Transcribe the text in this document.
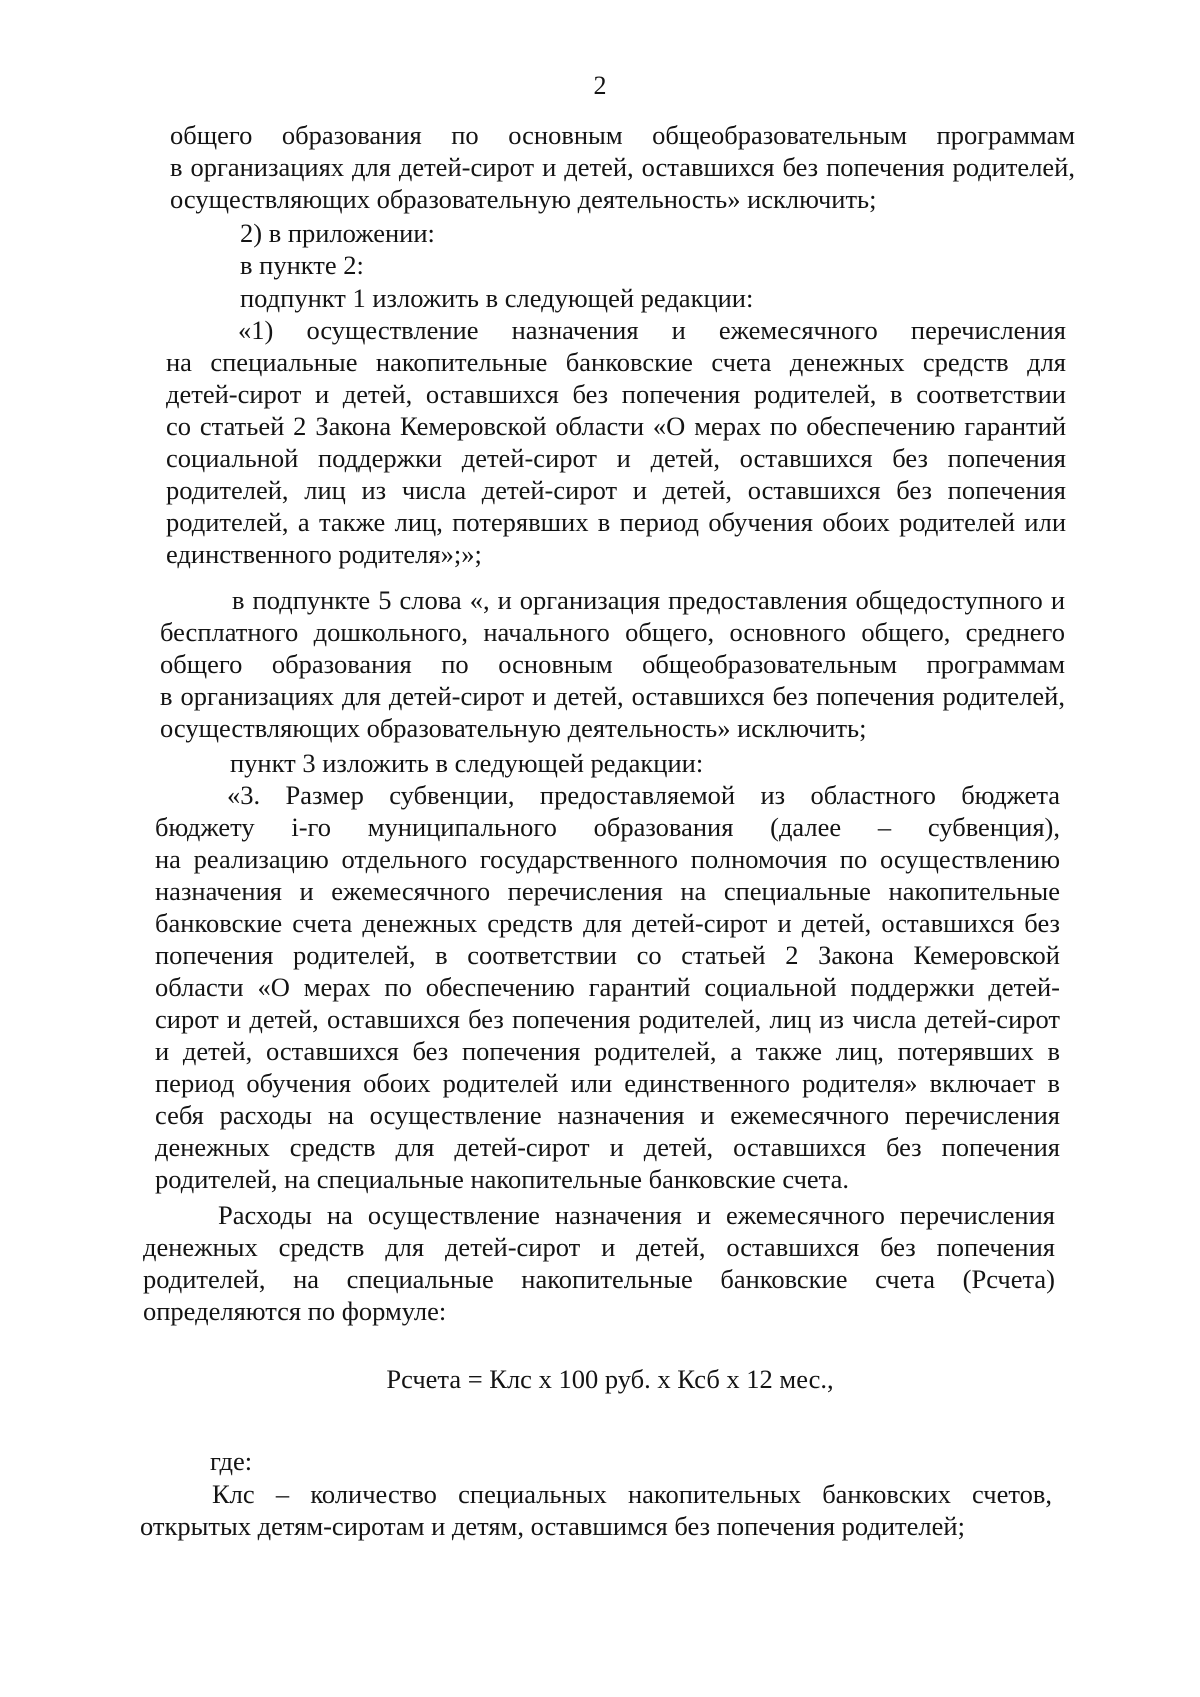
2
общего образования по основным общеобразовательным программам
в организациях для детей-сирот и детей, оставшихся без попечения родителей,
осуществляющих образовательную деятельность» исключить;
2) в приложении:
в пункте 2:
подпункт 1 изложить в следующей редакции:
«1) осуществление назначения и ежемесячного перечисления
на специальные накопительные банковские счета денежных средств для
детей-сирот и детей, оставшихся без попечения родителей, в соответствии
со статьей 2 Закона Кемеровской области «О мерах по обеспечению гарантий
социальной поддержки детей-сирот и детей, оставшихся без попечения
родителей, лиц из числа детей-сирот и детей, оставшихся без попечения
родителей, а также лиц, потерявших в период обучения обоих родителей или
единственного родителя»;»;
в подпункте 5 слова «, и организация предоставления общедоступного и
бесплатного дошкольного, начального общего, основного общего, среднего
общего образования по основным общеобразовательным программам
в организациях для детей-сирот и детей, оставшихся без попечения родителей,
осуществляющих образовательную деятельность» исключить;
пункт 3 изложить в следующей редакции:
«3. Размер субвенции, предоставляемой из областного бюджета
бюджету i-го муниципального образования (далее – субвенция),
на реализацию отдельного государственного полномочия по осуществлению
назначения и ежемесячного перечисления на специальные накопительные
банковские счета денежных средств для детей-сирот и детей, оставшихся без
попечения родителей, в соответствии со статьей 2 Закона Кемеровской
области «О мерах по обеспечению гарантий социальной поддержки детей-
сирот и детей, оставшихся без попечения родителей, лиц из числа детей-сирот
и детей, оставшихся без попечения родителей, а также лиц, потерявших в
период обучения обоих родителей или единственного родителя» включает в
себя расходы на осуществление назначения и ежемесячного перечисления
денежных средств для детей-сирот и детей, оставшихся без попечения
родителей, на специальные накопительные банковские счета.
Расходы на осуществление назначения и ежемесячного перечисления
денежных средств для детей-сирот и детей, оставшихся без попечения
родителей, на специальные накопительные банковские счета (Рсчета)
определяются по формуле:
Рсчета = Клс х 100 руб. х Ксб х 12 мес.,
где:
Клс – количество специальных накопительных банковских счетов,
открытых детям-сиротам и детям, оставшимся без попечения родителей;
